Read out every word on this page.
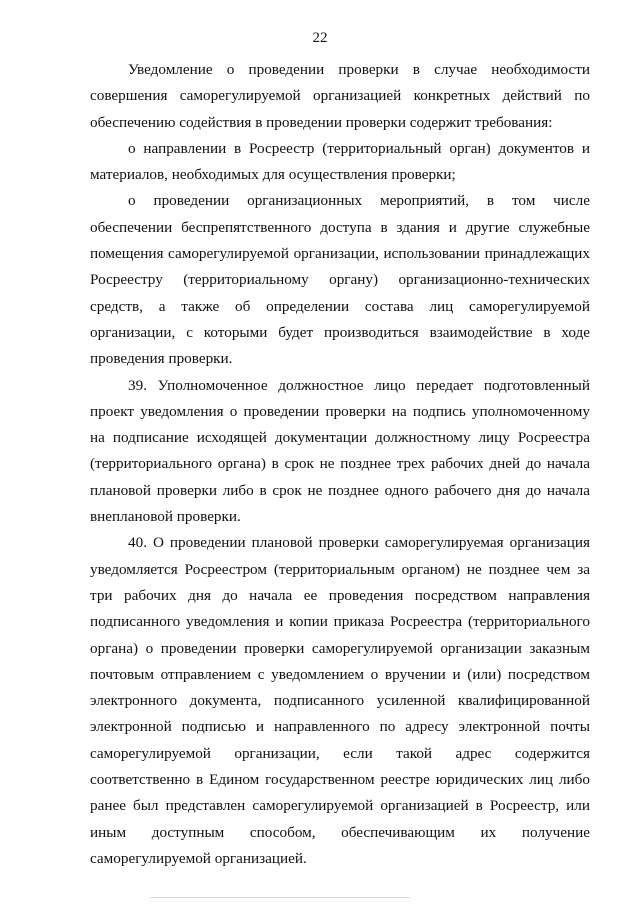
22

Уведомление о проведении проверки в случае необходимости совершения саморегулируемой организацией конкретных действий по обеспечению содействия в проведении проверки содержит требования:

о направлении в Росреестр (территориальный орган) документов и материалов, необходимых для осуществления проверки;

о проведении организационных мероприятий, в том числе обеспечении беспрепятственного доступа в здания и другие служебные помещения саморегулируемой организации, использовании принадлежащих Росреестру (территориальному органу) организационно-технических средств, а также об определении состава лиц саморегулируемой организации, с которыми будет производиться взаимодействие в ходе проведения проверки.

39. Уполномоченное должностное лицо передает подготовленный проект уведомления о проведении проверки на подпись уполномоченному на подписание исходящей документации должностному лицу Росреестра (территориального органа) в срок не позднее трех рабочих дней до начала плановой проверки либо в срок не позднее одного рабочего дня до начала внеплановой проверки.

40. О проведении плановой проверки саморегулируемая организация уведомляется Росреестром (территориальным органом) не позднее чем за три рабочих дня до начала ее проведения посредством направления подписанного уведомления и копии приказа Росреестра (территориального органа) о проведении проверки саморегулируемой организации заказным почтовым отправлением с уведомлением о вручении и (или) посредством электронного документа, подписанного усиленной квалифицированной электронной подписью и направленного по адресу электронной почты саморегулируемой организации, если такой адрес содержится соответственно в Едином государственном реестре юридических лиц либо ранее был представлен саморегулируемой организацией в Росреестр, или иным доступным способом, обеспечивающим их получение саморегулируемой организацией.
